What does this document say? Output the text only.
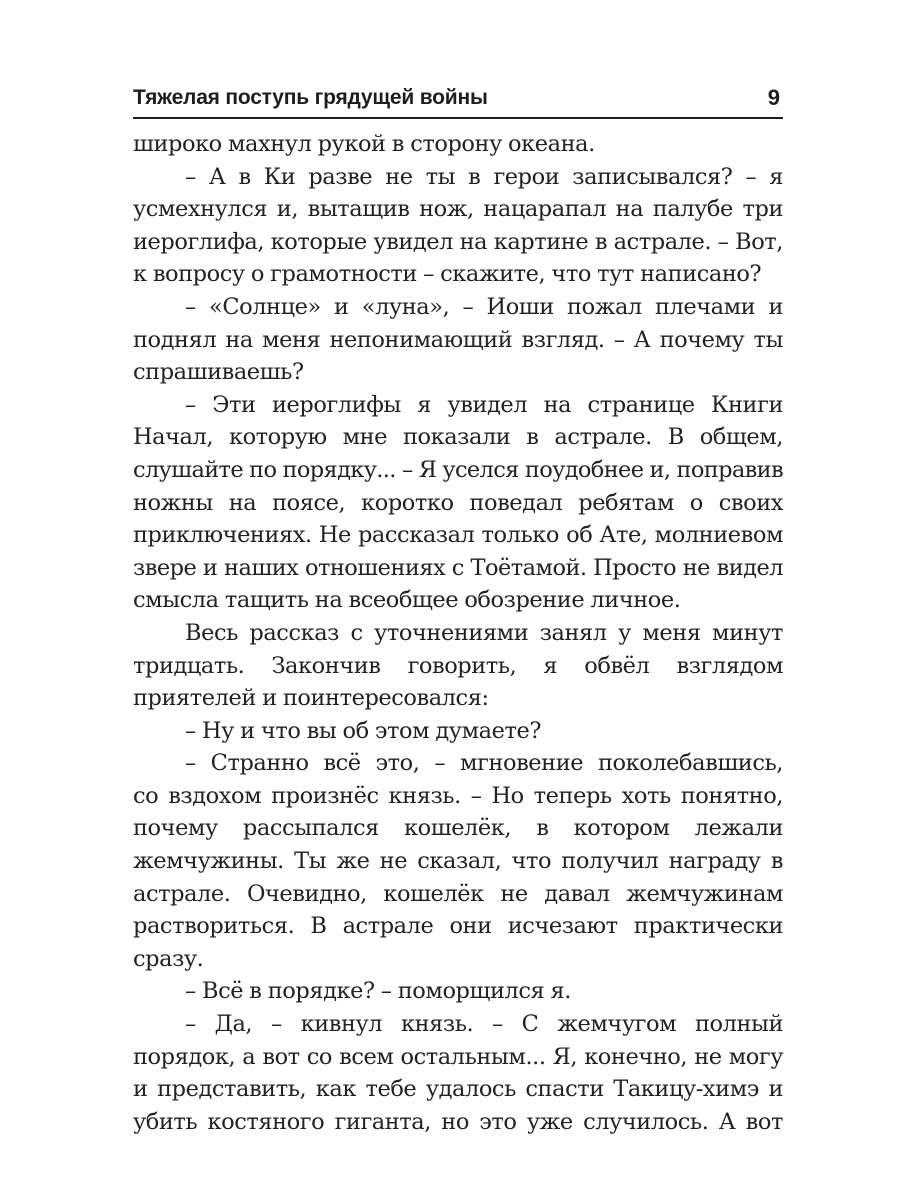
Тяжелая поступь грядущей войны	9
широко махнул рукой в сторону океана.
– А в Ки разве не ты в герои записывался? – я
усмехнулся и, вытащив нож, нацарапал на палубе три
иероглифа, которые увидел на картине в астрале. – Вот,
к вопросу о грамотности – скажите, что тут написано?
– «Солнце» и «луна», – Иоши пожал плечами и
поднял на меня непонимающий взгляд. – А почему ты
спрашиваешь?
– Эти иероглифы я увидел на странице Книги
Начал, которую мне показали в астрале. В общем,
слушайте по порядку... – Я уселся поудобнее и, поправив
ножны на поясе, коротко поведал ребятам о своих
приключениях. Не рассказал только об Ате, молниевом
звере и наших отношениях с Тоётамой. Просто не видел
смысла тащить на всеобщее обозрение личное.
Весь рассказ с уточнениями занял у меня минут
тридцать. Закончив говорить, я обвёл взглядом
приятелей и поинтересовался:
– Ну и что вы об этом думаете?
– Странно всё это, – мгновение поколебавшись,
со вздохом произнёс князь. – Но теперь хоть понятно,
почему рассыпался кошелёк, в котором лежали
жемчужины. Ты же не сказал, что получил награду в
астрале. Очевидно, кошелёк не давал жемчужинам
раствориться. В астрале они исчезают практически
сразу.
– Всё в порядке? – поморщился я.
– Да, – кивнул князь. – С жемчугом полный
порядок, а вот со всем остальным... Я, конечно, не могу
и представить, как тебе удалось спасти Такицу-химэ и
убить костяного гиганта, но это уже случилось. А вот
